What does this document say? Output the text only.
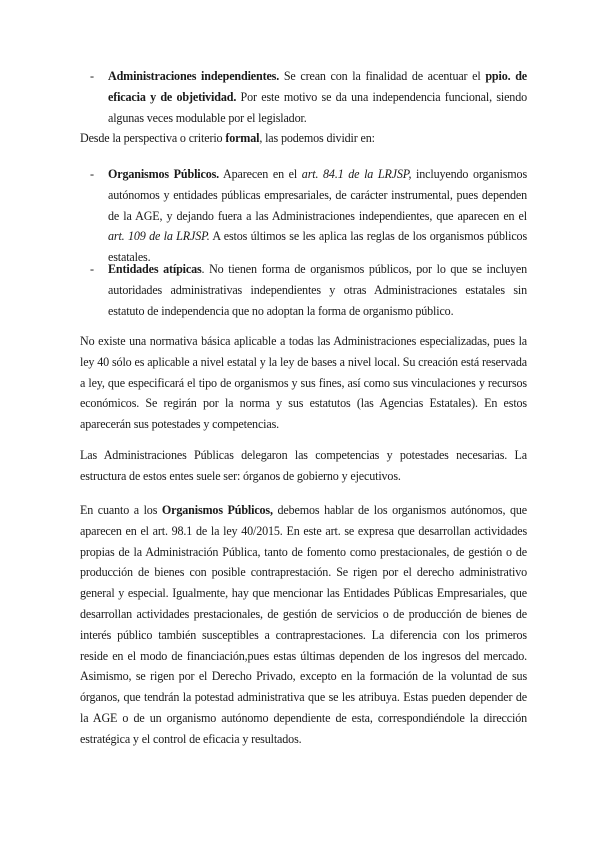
- Administraciones independientes. Se crean con la finalidad de acentuar el ppio. de eficacia y de objetividad. Por este motivo se da una independencia funcional, siendo algunas veces modulable por el legislador.

Desde la perspectiva o criterio formal, las podemos dividir en:

- Organismos Públicos. Aparecen en el art. 84.1 de la LRJSP, incluyendo organismos autónomos y entidades públicas empresariales, de carácter instrumental, pues dependen de la AGE, y dejando fuera a las Administraciones independientes, que aparecen en el art. 109 de la LRJSP. A estos últimos se les aplica las reglas de los organismos públicos estatales.

- Entidades atípicas. No tienen forma de organismos públicos, por lo que se incluyen autoridades administrativas independientes y otras Administraciones estatales sin estatuto de independencia que no adoptan la forma de organismo público.

No existe una normativa básica aplicable a todas las Administraciones especializadas, pues la ley 40 sólo es aplicable a nivel estatal y la ley de bases a nivel local. Su creación está reservada a ley, que especificará el tipo de organismos y sus fines, así como sus vinculaciones y recursos económicos. Se regirán por la norma y sus estatutos (las Agencias Estatales). En estos aparecerán sus potestades y competencias.

Las Administraciones Públicas delegaron las competencias y potestades necesarias. La estructura de estos entes suele ser: órganos de gobierno y ejecutivos.

En cuanto a los Organismos Públicos, debemos hablar de los organismos autónomos, que aparecen en el art. 98.1 de la ley 40/2015. En este art. se expresa que desarrollan actividades propias de la Administración Pública, tanto de fomento como prestacionales, de gestión o de producción de bienes con posible contraprestación. Se rigen por el derecho administrativo general y especial. Igualmente, hay que mencionar las Entidades Públicas Empresariales, que desarrollan actividades prestacionales, de gestión de servicios o de producción de bienes de interés público también susceptibles a contraprestaciones. La diferencia con los primeros reside en el modo de financiación,pues estas últimas dependen de los ingresos del mercado. Asimismo, se rigen por el Derecho Privado, excepto en la formación de la voluntad de sus órganos, que tendrán la potestad administrativa que se les atribuya. Estas pueden depender de la AGE o de un organismo autónomo dependiente de esta, correspondiéndole la dirección estratégica y el control de eficacia y resultados.
